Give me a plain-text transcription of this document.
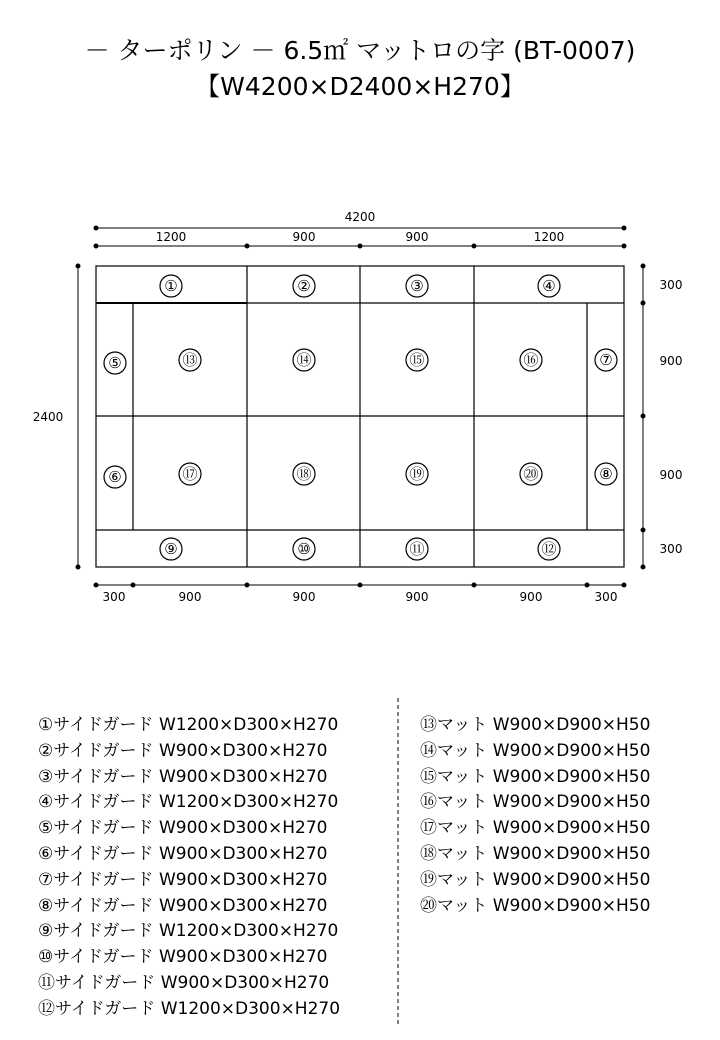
－ ターポリン － 6.5㎡ マットロの字 (BT-0007)
【W4200×D2400×H270】
4200
1200	900	900	1200
2400
300
900
900
300
300	900	900	900	900	300
①	②	③	④
⑤
⑥
⑦
⑧
⑨	⑩	⑪	⑫
⑬	⑭	⑮	⑯
⑰	⑱	⑲	⑳
①サイドガード W1200×D300×H270
②サイドガード W900×D300×H270
③サイドガード W900×D300×H270
④サイドガード W1200×D300×H270
⑤サイドガード W900×D300×H270
⑥サイドガード W900×D300×H270
⑦サイドガード W900×D300×H270
⑧サイドガード W900×D300×H270
⑨サイドガード W1200×D300×H270
⑩サイドガード W900×D300×H270
⑪サイドガード W900×D300×H270
⑫サイドガード W1200×D300×H270
⑬マット W900×D900×H50
⑭マット W900×D900×H50
⑮マット W900×D900×H50
⑯マット W900×D900×H50
⑰マット W900×D900×H50
⑱マット W900×D900×H50
⑲マット W900×D900×H50
⑳マット W900×D900×H50
